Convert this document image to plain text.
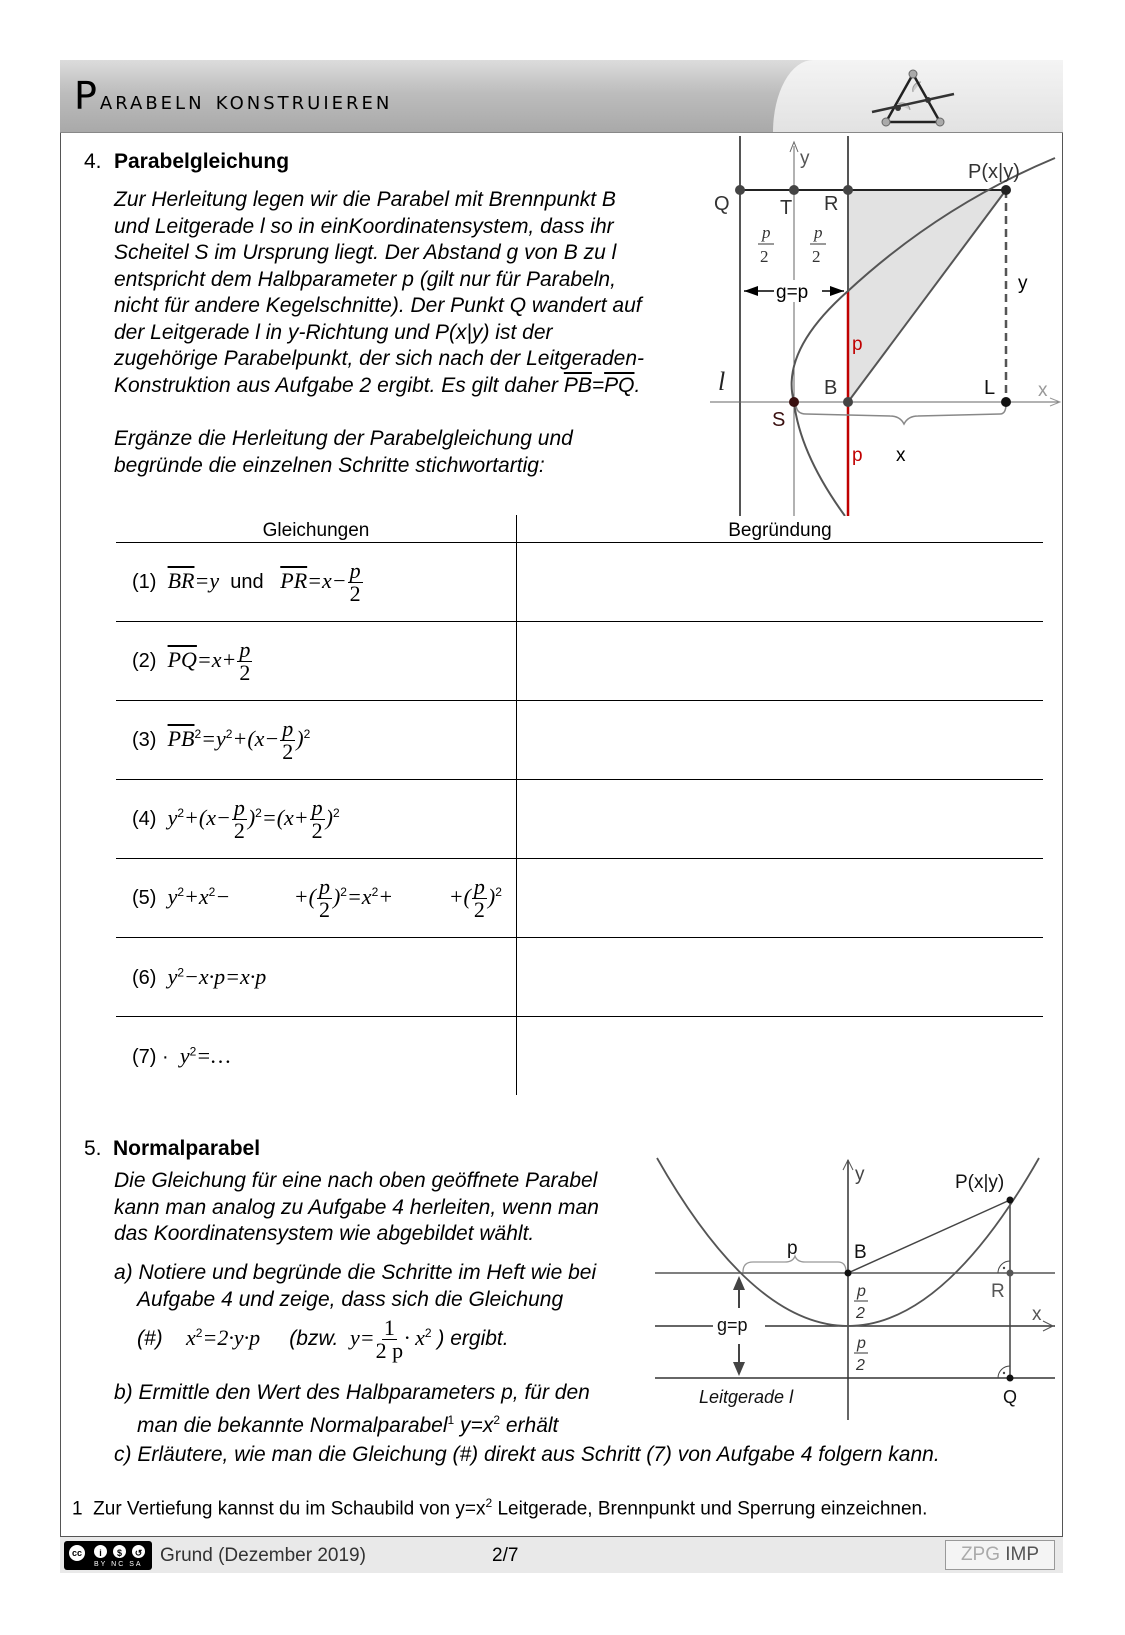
Parabeln konstruieren
4. Parabelgleichung
Zur Herleitung legen wir die Parabel mit Brennpunkt B
und Leitgerade l so in einKoordinatensystem, dass ihr
Scheitel S im Ursprung liegt. Der Abstand g von B zu l
entspricht dem Halbparameter p (gilt nur für Parabeln,
nicht für andere Kegelschnitte). Der Punkt Q wandert auf
der Leitgerade l in y-Richtung und P(x|y) ist der
zugehörige Parabelpunkt, der sich nach der Leitgeraden-
Konstruktion aus Aufgabe 2 ergibt. Es gilt daher $\overline{PB}=\overline{PQ}$.
Ergänze die Herleitung der Parabelgleichung und
begründe die einzelnen Schritte stichwortartig:
y
P(x|y)
Q	T R
p
2
p
2
g=p	y
p
p
l	B
S
L x
x
Gleichungen	Begründung
(1) $\overline{BR}=y$ und $\overline{PR}=x- \frac{p}{2}$

(2) $\overline{PQ}=x+ \frac{p}{2}$

(3) $\overline{PB}^2=y^2+(x- \frac{p}{2} )^2$	
(4) $y^2+(x- \frac{p}{2} )^2=(x+ \frac{p}{2} )^2$	
(5) $y^2+x^2-$	+( $\frac{p}{2} )^2=x^2+$	+( $\frac{p}{2} )^2$	
(6) $y^2-x\cdot p=x\cdot p$	
$(7) \cdot y^2=\dots$	
5. Normalparabel
Die Gleichung für eine nach oben geöffnete Parabel
kann man analog zu Aufgabe 4 herleiten, wenn man
das Koordinatensystem wie abgebildet wählt.
a) Notiere und begründe die Schritte im Heft wie bei
Aufgabe 4 und zeige, dass sich die Gleichung
(#) $x^2=2\cdot y\cdot p$ (bzw. $y= \frac{1}{2 p} \cdot x^2$ ) ergibt.
b) Ermittle den Wert des Halbparameters p, für den
man die bekannte Normalparabel$^1$ $y=x^2$ erhält
c) Erläutere, wie man die Gleichung (#) direkt aus Schritt (7) von Aufgabe 4 folgern kann.
y	P(x|y)
p	B
R
x
p
2
p
2
g=p
Leitgerade l	Q
1 Zur Vertiefung kannst du im Schaubild von $y=x^2$ Leitgerade, Brennpunkt und Sperrung einzeichnen.
cc	i	$	↺
BY NC SA Grund (Dezember 2019)	2/7	ZPG IMP
